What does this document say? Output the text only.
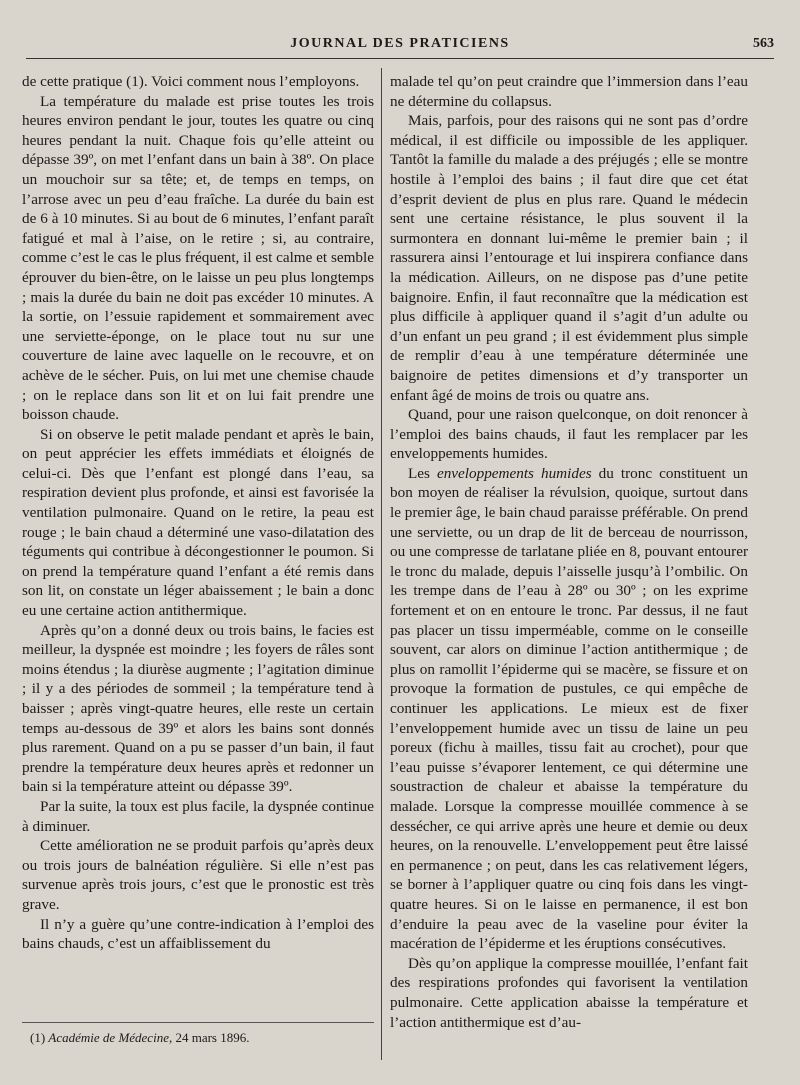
JOURNAL DES PRATICIENS	563

de cette pratique (1). Voici comment nous l’employons.

La température du malade est prise toutes les trois heures environ pendant le jour, toutes les quatre ou cinq heures pendant la nuit. Chaque fois qu’elle atteint ou dépasse 39º, on met l’enfant dans un bain à 38º. On place un mouchoir sur sa tête; et, de temps en temps, on l’arrose avec un peu d’eau fraîche. La durée du bain est de 6 à 10 minutes. Si au bout de 6 minutes, l’enfant paraît fatigué et mal à l’aise, on le retire ; si, au contraire, comme c’est le cas le plus fréquent, il est calme et semble éprouver du bien-être, on le laisse un peu plus longtemps ; mais la durée du bain ne doit pas excéder 10 minutes. A la sortie, on l’essuie rapidement et sommairement avec une serviette-éponge, on le place tout nu sur une couverture de laine avec laquelle on le recouvre, et on achève de le sécher. Puis, on lui met une chemise chaude ; on le replace dans son lit et on lui fait prendre une boisson chaude.

Si on observe le petit malade pendant et après le bain, on peut apprécier les effets immédiats et éloignés de celui-ci. Dès que l’enfant est plongé dans l’eau, sa respiration devient plus profonde, et ainsi est favorisée la ventilation pulmonaire. Quand on le retire, la peau est rouge ; le bain chaud a déterminé une vaso-dilatation des téguments qui contribue à décongestionner le poumon. Si on prend la température quand l’enfant a été remis dans son lit, on constate un léger abaissement ; le bain a donc eu une certaine action antithermique.

Après qu’on a donné deux ou trois bains, le facies est meilleur, la dyspnée est moindre ; les foyers de râles sont moins étendus ; la diurèse augmente ; l’agitation diminue ; il y a des périodes de sommeil ; la température tend à baisser ; après vingt-quatre heures, elle reste un certain temps au-dessous de 39º et alors les bains sont donnés plus rarement. Quand on a pu se passer d’un bain, il faut prendre la température deux heures après et redonner un bain si la température atteint ou dépasse 39º.

Par la suite, la toux est plus facile, la dyspnée continue à diminuer.

Cette amélioration ne se produit parfois qu’après deux ou trois jours de balnéation régulière. Si elle n’est pas survenue après trois jours, c’est que le pronostic est très grave.

Il n’y a guère qu’une contre-indication à l’emploi des bains chauds, c’est un affaiblissement du

malade tel qu’on peut craindre que l’immersion dans l’eau ne détermine du collapsus.

Mais, parfois, pour des raisons qui ne sont pas d’ordre médical, il est difficile ou impossible de les appliquer. Tantôt la famille du malade a des préjugés ; elle se montre hostile à l’emploi des bains ; il faut dire que cet état d’esprit devient de plus en plus rare. Quand le médecin sent une certaine résistance, le plus souvent il la surmontera en donnant lui-même le premier bain ; il rassurera ainsi l’entourage et lui inspirera confiance dans la médication. Ailleurs, on ne dispose pas d’une petite baignoire. Enfin, il faut reconnaître que la médication est plus difficile à appliquer quand il s’agit d’un adulte ou d’un enfant un peu grand ; il est évidemment plus simple de remplir d’eau à une température déterminée une baignoire de petites dimensions et d’y transporter un enfant âgé de moins de trois ou quatre ans.

Quand, pour une raison quelconque, on doit renoncer à l’emploi des bains chauds, il faut les remplacer par les enveloppements humides.

Les enveloppements humides du tronc constituent un bon moyen de réaliser la révulsion, quoique, surtout dans le premier âge, le bain chaud paraisse préférable. On prend une serviette, ou un drap de lit de berceau de nourrisson, ou une compresse de tarlatane pliée en 8, pouvant entourer le tronc du malade, depuis l’aisselle jusqu’à l’ombilic. On les trempe dans de l’eau à 28º ou 30º ; on les exprime fortement et on en entoure le tronc. Par dessus, il ne faut pas placer un tissu imperméable, comme on le conseille souvent, car alors on diminue l’action antithermique ; de plus on ramollit l’épiderme qui se macère, se fissure et on provoque la formation de pustules, ce qui empêche de continuer les applications. Le mieux est de fixer l’enveloppement humide avec un tissu de laine un peu poreux (fichu à mailles, tissu fait au crochet), pour que l’eau puisse s’évaporer lentement, ce qui détermine une soustraction de chaleur et abaisse la température du malade. Lorsque la compresse mouillée commence à se dessécher, ce qui arrive après une heure et demie ou deux heures, on la renouvelle. L’enveloppement peut être laissé en permanence ; on peut, dans les cas relativement légers, se borner à l’appliquer quatre ou cinq fois dans les vingt-quatre heures. Si on le laisse en permanence, il est bon d’enduire la peau avec de la vaseline pour éviter la macération de l’épiderme et les éruptions consécutives.

Dès qu’on applique la compresse mouillée, l’enfant fait des respirations profondes qui favorisent la ventilation pulmonaire. Cette application abaisse la température et l’action antithermique est d’au-

(1) Académie de Médecine, 24 mars 1896.
